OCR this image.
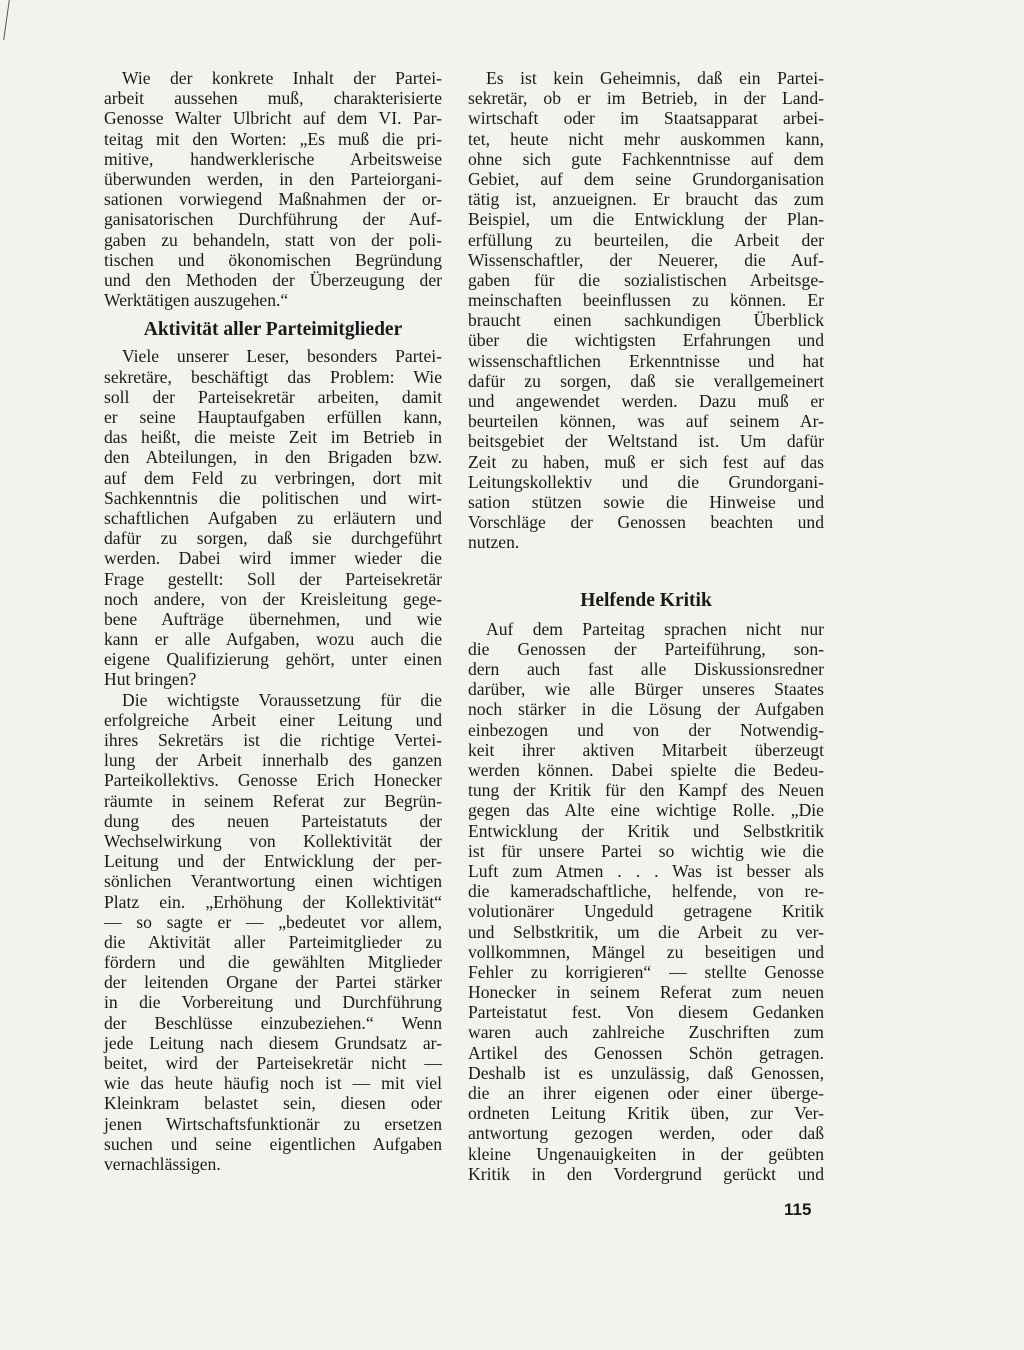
Wie der konkrete Inhalt der Partei-
arbeit aussehen muß, charakterisierte
Genosse Walter Ulbricht auf dem VI. Par-
teitag mit den Worten: „Es muß die pri-
mitive, handwerklerische Arbeitsweise
überwunden werden, in den Parteiorgani-
sationen vorwiegend Maßnahmen der or-
ganisatorischen Durchführung der Auf-
gaben zu behandeln, statt von der poli-
tischen und ökonomischen Begründung
und den Methoden der Überzeugung der
Werktätigen auszugehen.“
Aktivität aller Parteimitglieder
Viele unserer Leser, besonders Partei-
sekretäre, beschäftigt das Problem: Wie
soll der Parteisekretär arbeiten, damit
er seine Hauptaufgaben erfüllen kann,
das heißt, die meiste Zeit im Betrieb in
den Abteilungen, in den Brigaden bzw.
auf dem Feld zu verbringen, dort mit
Sachkenntnis die politischen und wirt-
schaftlichen Aufgaben zu erläutern und
dafür zu sorgen, daß sie durchgeführt
werden. Dabei wird immer wieder die
Frage gestellt: Soll der Parteisekretär
noch andere, von der Kreisleitung gege-
bene Aufträge übernehmen, und wie
kann er alle Aufgaben, wozu auch die
eigene Qualifizierung gehört, unter einen
Hut bringen?
Die wichtigste Voraussetzung für die
erfolgreiche Arbeit einer Leitung und
ihres Sekretärs ist die richtige Vertei-
lung der Arbeit innerhalb des ganzen
Parteikollektivs. Genosse Erich Honecker
räumte in seinem Referat zur Begrün-
dung des neuen Parteistatuts der
Wechselwirkung von Kollektivität der
Leitung und der Entwicklung der per-
sönlichen Verantwortung einen wichtigen
Platz ein. „Erhöhung der Kollektivität“
— so sagte er — „bedeutet vor allem,
die Aktivität aller Parteimitglieder zu
fördern und die gewählten Mitglieder
der leitenden Organe der Partei stärker
in die Vorbereitung und Durchführung
der Beschlüsse einzubeziehen.“ Wenn
jede Leitung nach diesem Grundsatz ar-
beitet, wird der Parteisekretär nicht —
wie das heute häufig noch ist — mit viel
Kleinkram belastet sein, diesen oder
jenen Wirtschaftsfunktionär zu ersetzen
suchen und seine eigentlichen Aufgaben
vernachlässigen.
Es ist kein Geheimnis, daß ein Partei-
sekretär, ob er im Betrieb, in der Land-
wirtschaft oder im Staatsapparat arbei-
tet, heute nicht mehr auskommen kann,
ohne sich gute Fachkenntnisse auf dem
Gebiet, auf dem seine Grundorganisation
tätig ist, anzueignen. Er braucht das zum
Beispiel, um die Entwicklung der Plan-
erfüllung zu beurteilen, die Arbeit der
Wissenschaftler, der Neuerer, die Auf-
gaben für die sozialistischen Arbeitsge-
meinschaften beeinflussen zu können. Er
braucht einen sachkundigen Überblick
über die wichtigsten Erfahrungen und
wissenschaftlichen Erkenntnisse und hat
dafür zu sorgen, daß sie verallgemeinert
und angewendet werden. Dazu muß er
beurteilen können, was auf seinem Ar-
beitsgebiet der Weltstand ist. Um dafür
Zeit zu haben, muß er sich fest auf das
Leitungskollektiv und die Grundorgani-
sation stützen sowie die Hinweise und
Vorschläge der Genossen beachten und
nutzen.
Helfende Kritik
Auf dem Parteitag sprachen nicht nur
die Genossen der Parteiführung, son-
dern auch fast alle Diskussionsredner
darüber, wie alle Bürger unseres Staates
noch stärker in die Lösung der Aufgaben
einbezogen und von der Notwendig-
keit ihrer aktiven Mitarbeit überzeugt
werden können. Dabei spielte die Bedeu-
tung der Kritik für den Kampf des Neuen
gegen das Alte eine wichtige Rolle. „Die
Entwicklung der Kritik und Selbstkritik
ist für unsere Partei so wichtig wie die
Luft zum Atmen . . . Was ist besser als
die kameradschaftliche, helfende, von re-
volutionärer Ungeduld getragene Kritik
und Selbstkritik, um die Arbeit zu ver-
vollkommnen, Mängel zu beseitigen und
Fehler zu korrigieren“ — stellte Genosse
Honecker in seinem Referat zum neuen
Parteistatut fest. Von diesem Gedanken
waren auch zahlreiche Zuschriften zum
Artikel des Genossen Schön getragen.
Deshalb ist es unzulässig, daß Genossen,
die an ihrer eigenen oder einer überge-
ordneten Leitung Kritik üben, zur Ver-
antwortung gezogen werden, oder daß
kleine Ungenauigkeiten in der geübten
Kritik in den Vordergrund gerückt und
115
